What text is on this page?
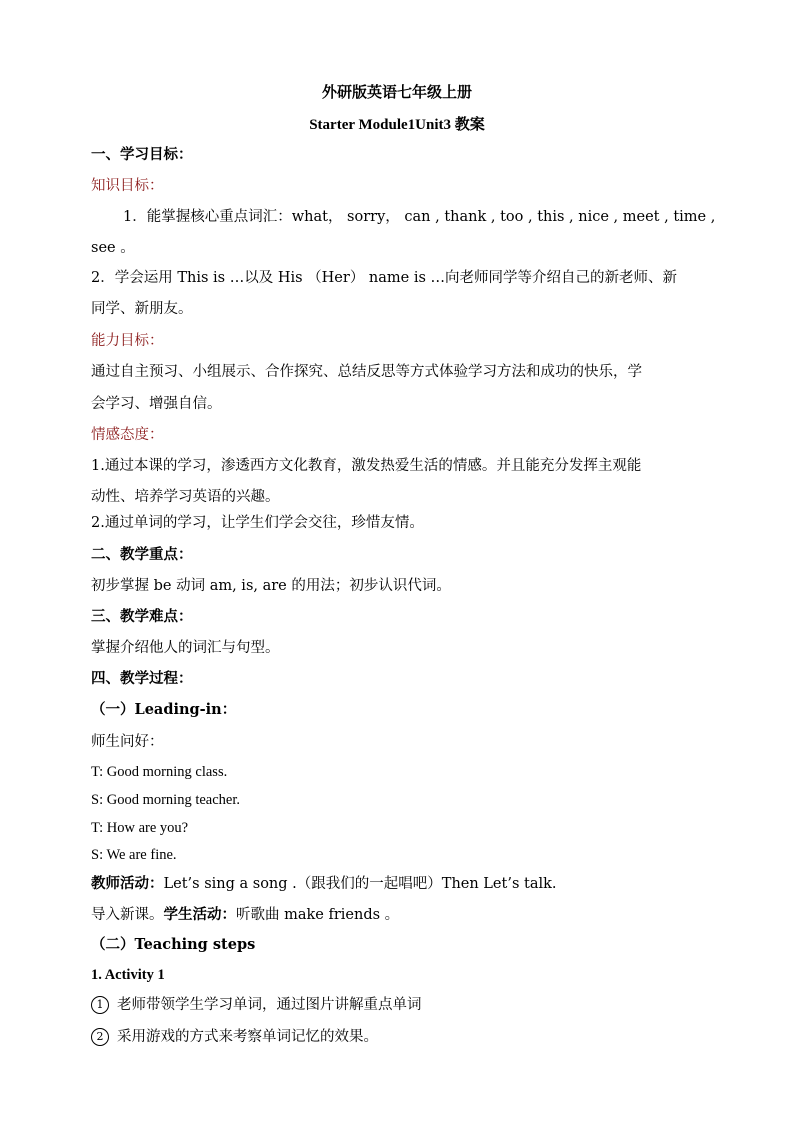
外研版英语七年级上册
Starter Module1Unit3 教案
一、学习目标：
知识目标：
1．能掌握核心重点词汇：what， sorry， can , thank , too , this , nice , meet , time ,
see 。
2．学会运用 This is …以及 His （Her） name is …向老师同学等介绍自己的新老师、新
同学、新朋友。
能力目标：
通过自主预习、小组展示、合作探究、总结反思等方式体验学习方法和成功的快乐，学
会学习、增强自信。
情感态度：
1.通过本课的学习，渗透西方文化教育，激发热爱生活的情感。并且能充分发挥主观能
动性、培养学习英语的兴趣。
2.通过单词的学习，让学生们学会交往，珍惜友情。
二、教学重点：
初步掌握 be 动词 am, is, are 的用法；初步认识代词。
三、教学难点：
掌握介绍他人的词汇与句型。
四、教学过程：
（一）Leading-in：
师生问好：
T: Good morning class.
S: Good morning teacher.
T: How are you?
S: We are fine.
教师活动：Let’s sing a song .（跟我们的一起唱吧）Then Let’s talk.
导入新课。学生活动：听歌曲 make friends 。
（二）Teaching steps
1. Activity 1
1 老师带领学生学习单词，通过图片讲解重点单词
2 采用游戏的方式来考察单词记忆的效果。
